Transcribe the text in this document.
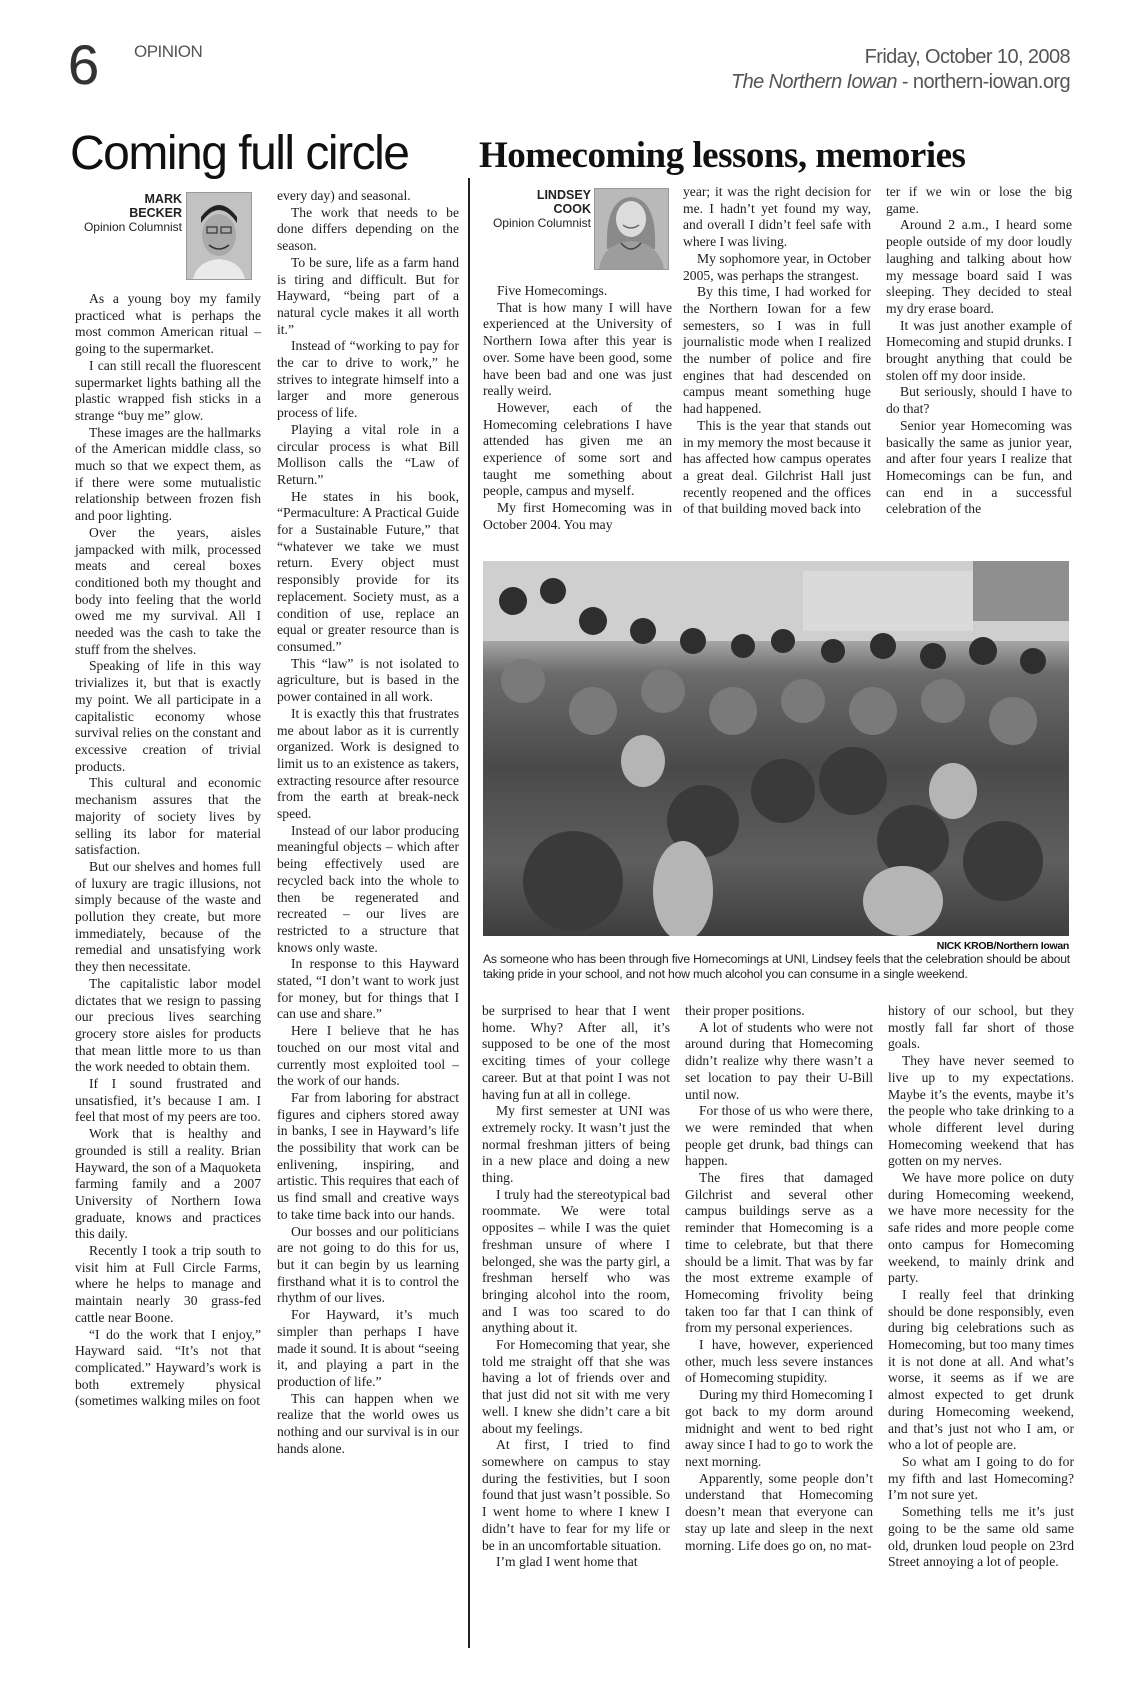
6 OPINION	Friday, October 10, 2008
The Northern Iowan - northern-iowan.org
Coming full circle Homecoming lessons, memories
MARK
BECKER
Opinion Columnist

As a young boy my family practiced what is perhaps the most common American ritual – going to the supermarket.

I can still recall the fluorescent supermarket lights bathing all the plastic wrapped fish sticks in a strange “buy me” glow.

These images are the hallmarks of the American middle class, so much so that we expect them, as if there were some mutualistic relationship between frozen fish and poor lighting.

Over the years, aisles jampacked with milk, processed meats and cereal boxes conditioned both my thought and body into feeling that the world owed me my survival. All I needed was the cash to take the stuff from the shelves.

Speaking of life in this way trivializes it, but that is exactly my point. We all participate in a capitalistic economy whose survival relies on the constant and excessive creation of trivial products.

This cultural and economic mechanism assures that the majority of society lives by selling its labor for material satisfaction.

But our shelves and homes full of luxury are tragic illusions, not simply because of the waste and pollution they create, but more immediately, because of the remedial and unsatisfying work they then necessitate.

The capitalistic labor model dictates that we resign to passing our precious lives searching grocery store aisles for products that mean little more to us than the work needed to obtain them.

If I sound frustrated and unsatisfied, it’s because I am. I feel that most of my peers are too.

Work that is healthy and grounded is still a reality. Brian Hayward, the son of a Maquoketa farming family and a 2007 University of Northern Iowa graduate, knows and practices this daily.

Recently I took a trip south to visit him at Full Circle Farms, where he helps to manage and maintain nearly 30 grass-fed cattle near Boone.

“I do the work that I enjoy,” Hayward said. “It’s not that complicated.” Hayward’s work is both extremely physical (sometimes walking miles on foot

every day) and seasonal.

The work that needs to be done differs depending on the season.

To be sure, life as a farm hand is tiring and difficult. But for Hayward, “being part of a natural cycle makes it all worth it.”

Instead of “working to pay for the car to drive to work,” he strives to integrate himself into a larger and more generous process of life.

Playing a vital role in a circular process is what Bill Mollison calls the “Law of Return.”

He states in his book, “Permaculture: A Practical Guide for a Sustainable Future,” that “whatever we take we must return. Every object must responsibly provide for its replacement. Society must, as a condition of use, replace an equal or greater resource than is consumed.”

This “law” is not isolated to agriculture, but is based in the power contained in all work.

It is exactly this that frustrates me about labor as it is currently organized. Work is designed to limit us to an existence as takers, extracting resource after resource from the earth at break-neck speed.

Instead of our labor producing meaningful objects – which after being effectively used are recycled back into the whole to then be regenerated and recreated – our lives are restricted to a structure that knows only waste.

In response to this Hayward stated, “I don’t want to work just for money, but for things that I can use and share.”

Here I believe that he has touched on our most vital and currently most exploited tool – the work of our hands.

Far from laboring for abstract figures and ciphers stored away in banks, I see in Hayward’s life the possibility that work can be enlivening, inspiring, and artistic. This requires that each of us find small and creative ways to take time back into our hands.

Our bosses and our politicians are not going to do this for us, but it can begin by us learning firsthand what it is to control the rhythm of our lives.

For Hayward, it’s much simpler than perhaps I have made it sound. It is about “seeing it, and playing a part in the production of life.”

This can happen when we realize that the world owes us nothing and our survival is in our hands alone.

LINDSEY
COOK
Opinion Columnist

Five Homecomings.

That is how many I will have experienced at the University of Northern Iowa after this year is over. Some have been good, some have been bad and one was just really weird.

However, each of the Homecoming celebrations I have attended has given me an experience of some sort and taught me something about people, campus and myself.

My first Homecoming was in October 2004. You may

year; it was the right decision for me. I hadn’t yet found my way, and overall I didn’t feel safe with where I was living.

My sophomore year, in October 2005, was perhaps the strangest.

By this time, I had worked for the Northern Iowan for a few semesters, so I was in full journalistic mode when I realized the number of police and fire engines that had descended on campus meant something huge had happened.

This is the year that stands out in my memory the most because it has affected how campus operates a great deal. Gilchrist Hall just recently reopened and the offices of that building moved back into

ter if we win or lose the big game.

Around 2 a.m., I heard some people outside of my door loudly laughing and talking about how my message board said I was sleeping. They decided to steal my dry erase board.

It was just another example of Homecoming and stupid drunks. I brought anything that could be stolen off my door inside.

But seriously, should I have to do that?

Senior year Homecoming was basically the same as junior year, and after four years I realize that Homecomings can be fun, and can end in a successful celebration of the

NICK KROB/Northern Iowan
As someone who has been through five Homecomings at UNI, Lindsey feels that the celebration should be about taking pride in your school, and not how much alcohol you can consume in a single weekend.

be surprised to hear that I went home. Why? After all, it’s supposed to be one of the most exciting times of your college career. But at that point I was not having fun at all in college.

My first semester at UNI was extremely rocky. It wasn’t just the normal freshman jitters of being in a new place and doing a new thing.

I truly had the stereotypical bad roommate. We were total opposites – while I was the quiet freshman unsure of where I belonged, she was the party girl, a freshman herself who was bringing alcohol into the room, and I was too scared to do anything about it.

For Homecoming that year, she told me straight off that she was having a lot of friends over and that just did not sit with me very well. I knew she didn’t care a bit about my feelings.

At first, I tried to find somewhere on campus to stay during the festivities, but I soon found that just wasn’t possible. So I went home to where I knew I didn’t have to fear for my life or be in an uncomfortable situation.

I’m glad I went home that

their proper positions.

A lot of students who were not around during that Homecoming didn’t realize why there wasn’t a set location to pay their U-Bill until now.

For those of us who were there, we were reminded that when people get drunk, bad things can happen.

The fires that damaged Gilchrist and several other campus buildings serve as a reminder that Homecoming is a time to celebrate, but that there should be a limit. That was by far the most extreme example of Homecoming frivolity being taken too far that I can think of from my personal experiences.

I have, however, experienced other, much less severe instances of Homecoming stupidity.

During my third Homecoming I got back to my dorm around midnight and went to bed right away since I had to go to work the next morning.

Apparently, some people don’t understand that Homecoming doesn’t mean that everyone can stay up late and sleep in the next morning. Life does go on, no mat-

history of our school, but they mostly fall far short of those goals.

They have never seemed to live up to my expectations. Maybe it’s the events, maybe it’s the people who take drinking to a whole different level during Homecoming weekend that has gotten on my nerves.

We have more police on duty during Homecoming weekend, we have more necessity for the safe rides and more people come onto campus for Homecoming weekend, to mainly drink and party.

I really feel that drinking should be done responsibly, even during big celebrations such as Homecoming, but too many times it is not done at all. And what’s worse, it seems as if we are almost expected to get drunk during Homecoming weekend, and that’s just not who I am, or who a lot of people are.

So what am I going to do for my fifth and last Homecoming? I’m not sure yet.

Something tells me it’s just going to be the same old same old, drunken loud people on 23rd Street annoying a lot of people.
